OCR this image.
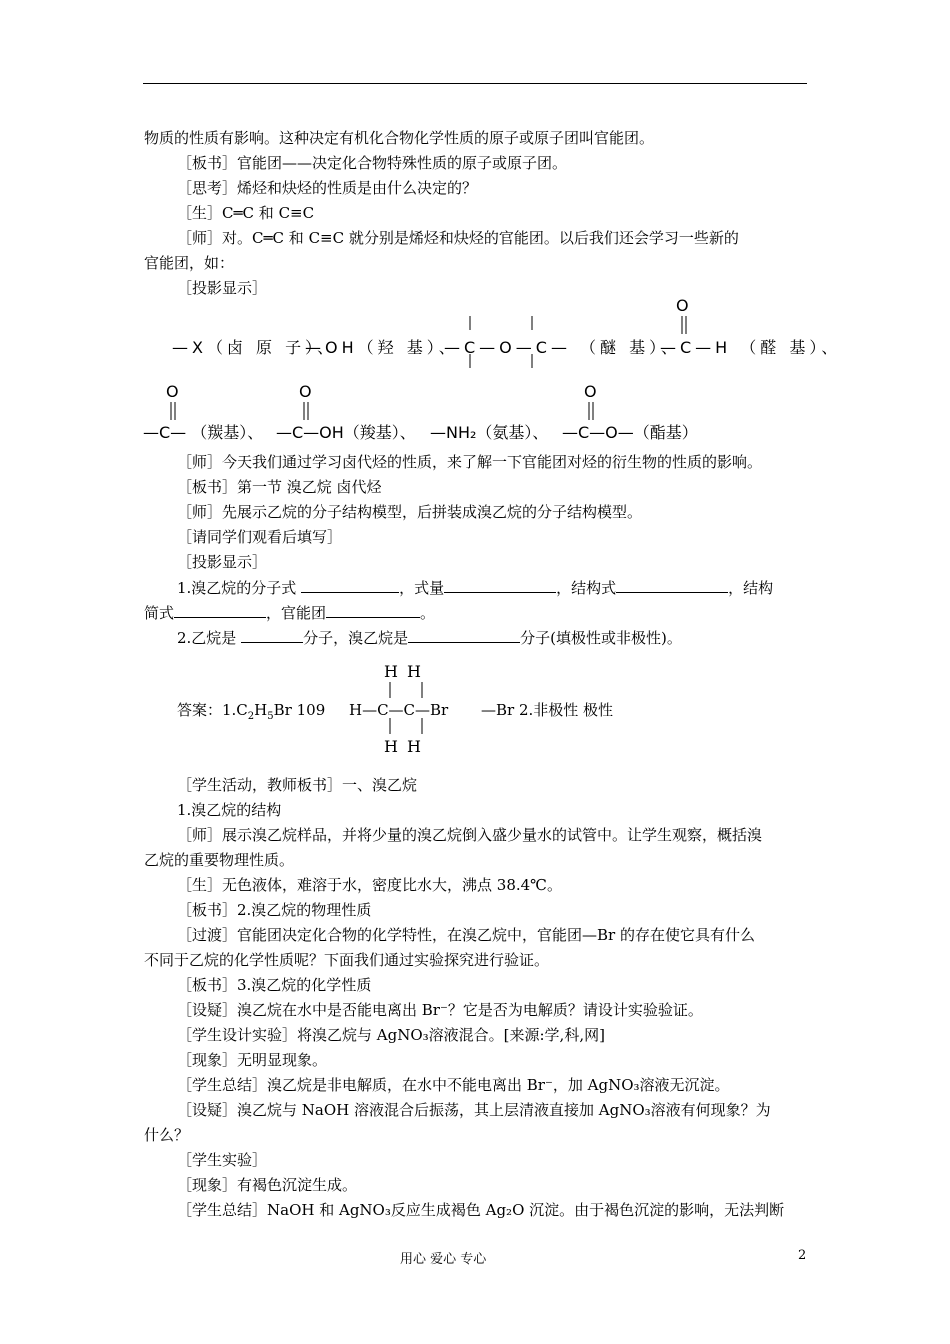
物质的性质有影响。这种决定有机化合物化学性质的原子或原子团叫官能团。
［板书］官能团——决定化合物特殊性质的原子或原子团。
［思考］烯烃和炔烃的性质是由什么决定的？
［生］C═C 和 C≡C
［师］对。C═C 和 C≡C 就分别是烯烃和炔烃的官能团。以后我们还会学习一些新的
官能团，如：
［投影显示］
O
—X（卤 原 子）、
—OH（羟 基）、
—C—O—C— （醚 基）、
—C—H （醛 基）、
O	O	O
—C— （羰基）、 —C—OH（羧基）、 —NH₂（氨基）、 —C—O—（酯基）
［师］今天我们通过学习卤代烃的性质，来了解一下官能团对烃的衍生物的性质的影响。
［板书］第一节 溴乙烷 卤代烃
［师］先展示乙烷的分子结构模型，后拼装成溴乙烷的分子结构模型。
［请同学们观看后填写］
［投影显示］
1.溴乙烷的分子式	，式量	，结构式	，结构
简式	，官能团	。
2.乙烷是	分子，溴乙烷是	分子(填极性或非极性)。
H H
答案：$1.C_2H_5Br$ 109 H—C—C—Br —Br 2.非极性 极性
H H
［学生活动，教师板书］一、溴乙烷
1.溴乙烷的结构
［师］展示溴乙烷样品，并将少量的溴乙烷倒入盛少量水的试管中。让学生观察，概括溴
乙烷的重要物理性质。
［生］无色液体，难溶于水，密度比水大，沸点 38.4℃。
［板书］2.溴乙烷的物理性质
［过渡］官能团决定化合物的化学特性，在溴乙烷中，官能团—Br 的存在使它具有什么
不同于乙烷的化学性质呢？下面我们通过实验探究进行验证。
［板书］3.溴乙烷的化学性质
［设疑］溴乙烷在水中是否能电离出 Br⁻？它是否为电解质？请设计实验验证。
［学生设计实验］将溴乙烷与 AgNO₃溶液混合。[来源:学,科,网]
［现象］无明显现象。
［学生总结］溴乙烷是非电解质，在水中不能电离出 Br⁻，加 AgNO₃溶液无沉淀。
［设疑］溴乙烷与 NaOH 溶液混合后振荡，其上层清液直接加 AgNO₃溶液有何现象？为
什么？
［学生实验］
［现象］有褐色沉淀生成。
［学生总结］NaOH 和 AgNO₃反应生成褐色 Ag₂O 沉淀。由于褐色沉淀的影响，无法判断
用心 爱心 专心	2
